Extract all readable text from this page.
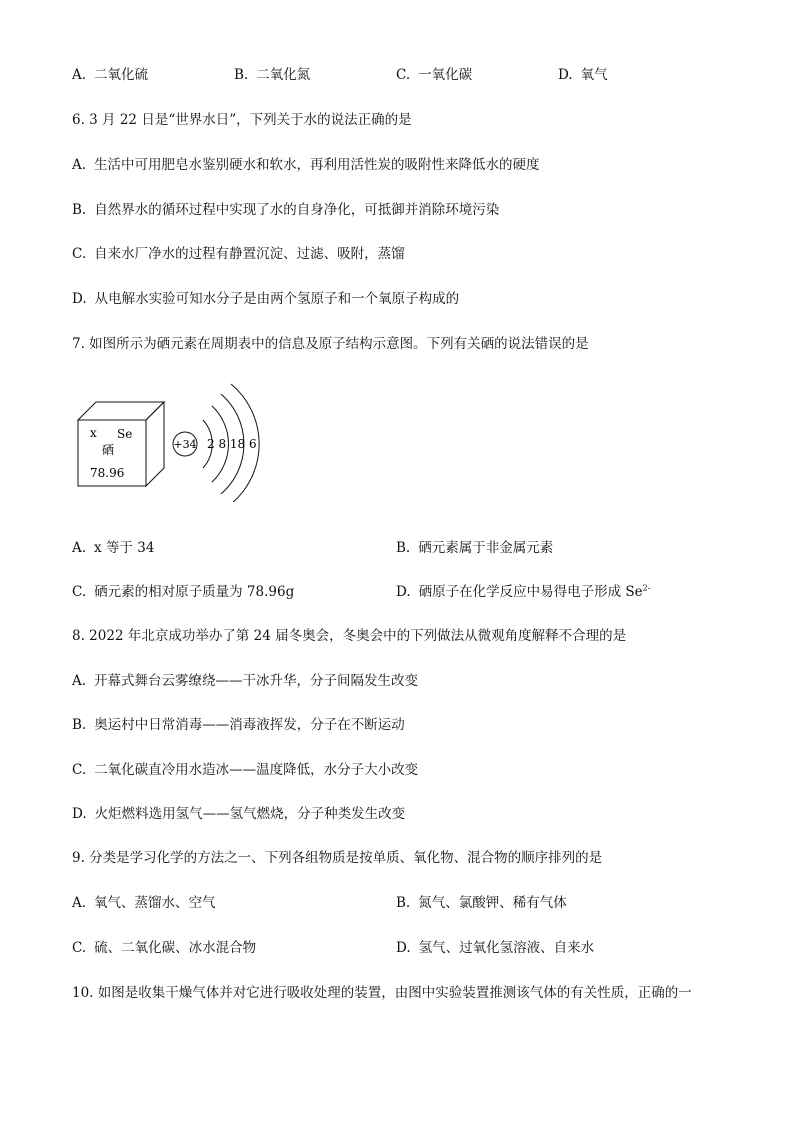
A. 二氧化硫	B. 二氧化氮	C. 一氧化碳	D. 氧气
6. 3 月 22 日是“世界水日”，下列关于水的说法正确的是
A. 生活中可用肥皂水鉴别硬水和软水，再利用活性炭的吸附性来降低水的硬度
B. 自然界水的循环过程中实现了水的自身净化，可抵御并消除环境污染
C. 自来水厂净水的过程有静置沉淀、过滤、吸附，蒸馏
D. 从电解水实验可知水分子是由两个氢原子和一个氧原子构成的
7. 如图所示为硒元素在周期表中的信息及原子结构示意图。下列有关硒的说法错误的是
x Se
硒
78.96
+34 2 8 18 6
A. x 等于 34	B. 硒元素属于非金属元素
C. 硒元素的相对原子质量为 78.96g	D. 硒原子在化学反应中易得电子形成 $Se^{2-}$
8. 2022 年北京成功举办了第 24 届冬奥会，冬奥会中的下列做法从微观角度解释不合理的是
A. 开幕式舞台云雾缭绕——干冰升华，分子间隔发生改变
B. 奥运村中日常消毒——消毒液挥发，分子在不断运动
C. 二氧化碳直冷用水造冰——温度降低，水分子大小改变
D. 火炬燃料选用氢气——氢气燃烧，分子种类发生改变
9. 分类是学习化学的方法之一、下列各组物质是按单质、氧化物、混合物的顺序排列的是
A. 氧气、蒸馏水、空气	B. 氮气、氯酸钾、稀有气体
C. 硫、二氧化碳、冰水混合物	D. 氢气、过氧化氢溶液、自来水
10. 如图是收集干燥气体并对它进行吸收处理的装置，由图中实验装置推测该气体的有关性质，正确的一
